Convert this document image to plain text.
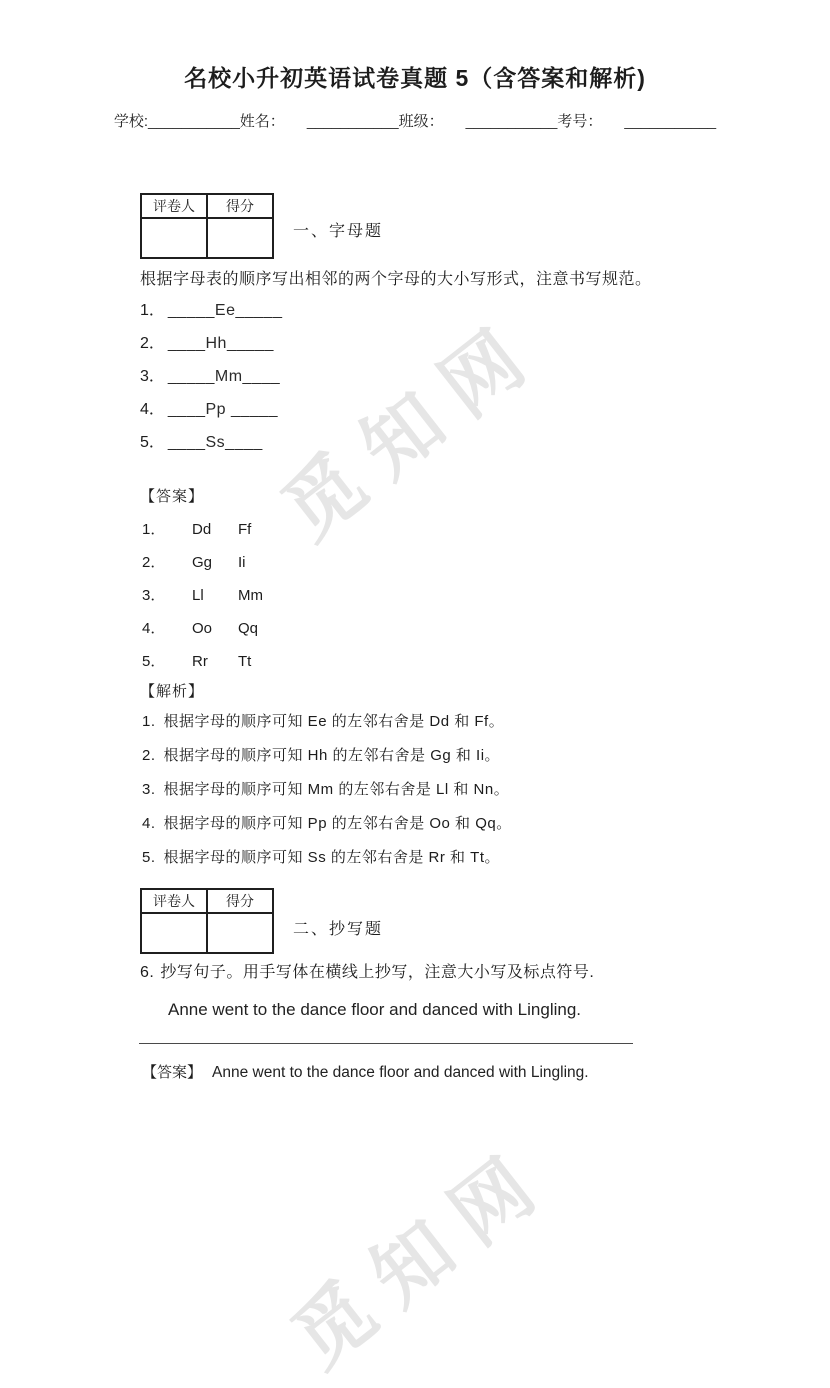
觅知网
觅知网
名校小升初英语试卷真题 5（含答案和解析)
学校:___________姓名： ___________班级： ___________考号： ___________
评卷人	得分

一、字母题
根据字母表的顺序写出相邻的两个字母的大小写形式，注意书写规范。
1． _____Ee_____
2． ____Hh_____
3． _____Mm____
4． ____Pp _____
5． ____Ss____
【答案】
1． Dd Ff
2． Gg Ii
3． Ll Mm
4． Oo Qq
5． Rr Tt
【解析】
1. 根据字母的顺序可知 Ee 的左邻右舍是 Dd 和 Ff。
2. 根据字母的顺序可知 Hh 的左邻右舍是 Gg 和 Ii。
3. 根据字母的顺序可知 Mm 的左邻右舍是 Ll 和 Nn。
4. 根据字母的顺序可知 Pp 的左邻右舍是 Oo 和 Qq。
5. 根据字母的顺序可知 Ss 的左邻右舍是 Rr 和 Tt。
评卷人	得分

二、抄写题
6. 抄写句子。用手写体在横线上抄写，注意大小写及标点符号.
Anne went to the dance floor and danced with Lingling.
【答案】 Anne went to the dance floor and danced with Lingling.
